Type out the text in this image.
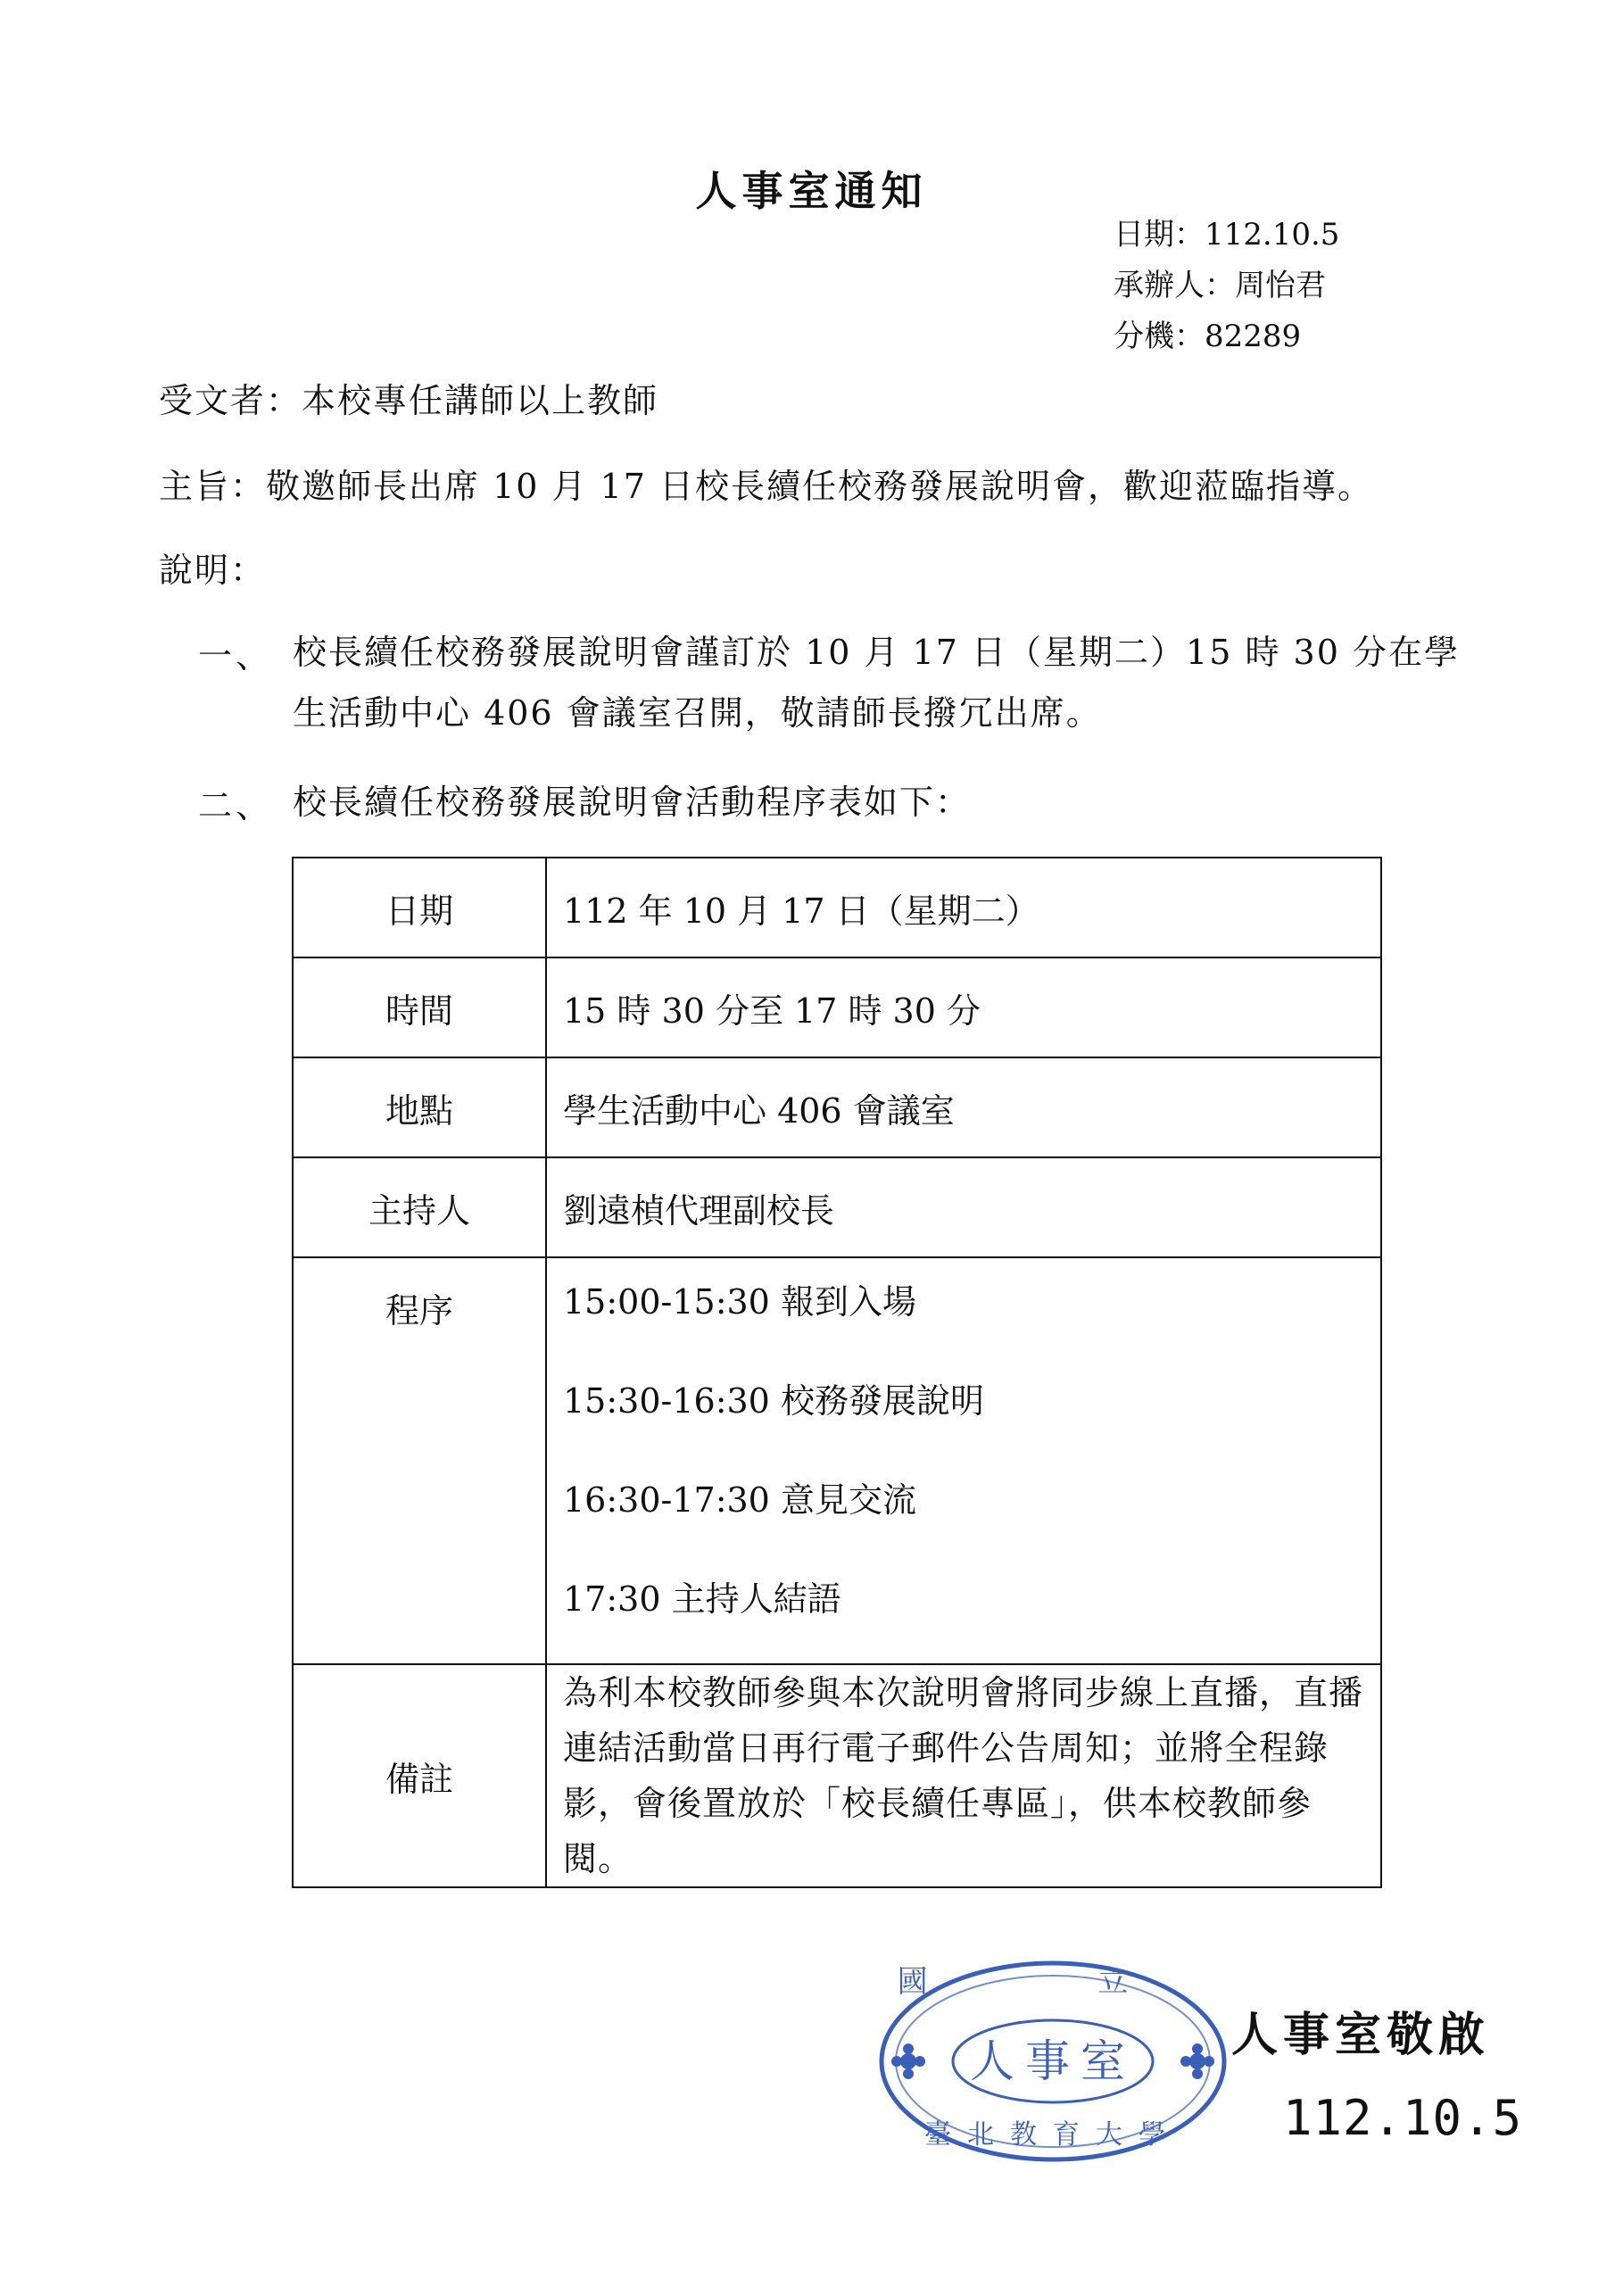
人事室通知
日期：112.10.5
承辦人：周怡君
分機：82289
受文者：本校專任講師以上教師
主旨：敬邀師長出席 10 月 17 日校長續任校務發展說明會，歡迎蒞臨指導。
說明：
一、 校長續任校務發展說明會謹訂於 10 月 17 日（星期二）15 時 30 分在學生活動中心 406 會議室召開，敬請師長撥冗出席。
二、 校長續任校務發展說明會活動程序表如下：
日期	112 年 10 月 17 日（星期二）
時間	15 時 30 分至 17 時 30 分
地點	學生活動中心 406 會議室
主持人	劉遠楨代理副校長
程序	15:00-15:30 報到入場
15:30-16:30 校務發展說明
16:30-17:30 意見交流
17:30 主持人結語

備註	為利本校教師參與本次說明會將同步線上直播，直播連結活動當日再行電子郵件公告周知；並將全程錄影，會後置放於「校長續任專區」，供本校教師參閱。
國 立
人事室
臺北教育大學
人事室敬啟
112.10.5
